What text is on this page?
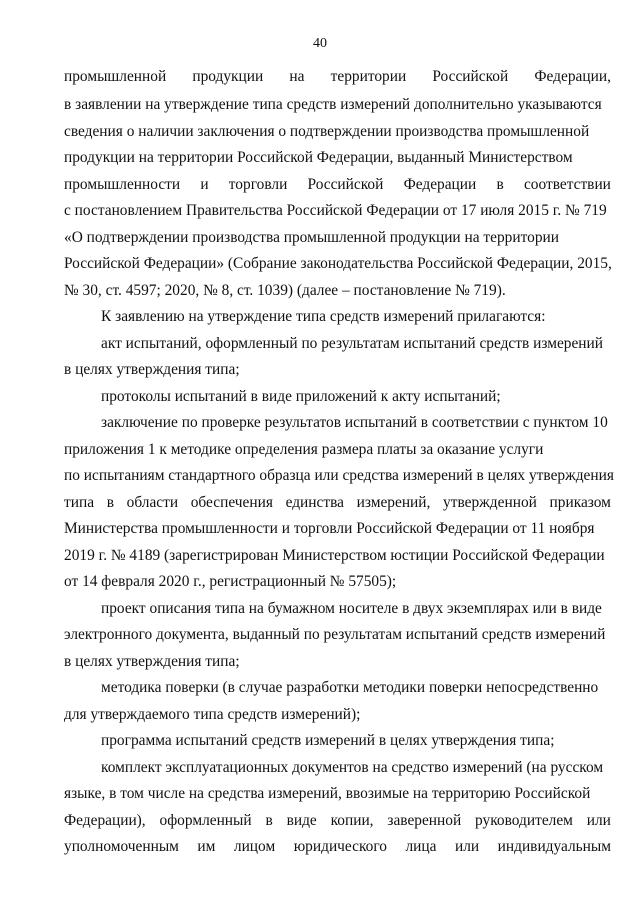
40
промышленной продукции на территории Российской Федерации,
в заявлении на утверждение типа средств измерений дополнительно указываются
сведения о наличии заключения о подтверждении производства промышленной
продукции на территории Российской Федерации, выданный Министерством
промышленности и торговли Российской Федерации в соответствии
с постановлением Правительства Российской Федерации от 17 июля 2015 г. № 719
«О подтверждении производства промышленной продукции на территории
Российской Федерации» (Собрание законодательства Российской Федерации, 2015,
№ 30, ст. 4597; 2020, № 8, ст. 1039) (далее – постановление № 719).
К заявлению на утверждение типа средств измерений прилагаются:
акт испытаний, оформленный по результатам испытаний средств измерений
в целях утверждения типа;
протоколы испытаний в виде приложений к акту испытаний;
заключение по проверке результатов испытаний в соответствии с пунктом 10
приложения 1 к методике определения размера платы за оказание услуги
по испытаниям стандартного образца или средства измерений в целях утверждения
типа в области обеспечения единства измерений, утвержденной приказом
Министерства промышленности и торговли Российской Федерации от 11 ноября
2019 г. № 4189 (зарегистрирован Министерством юстиции Российской Федерации
от 14 февраля 2020 г., регистрационный № 57505);
проект описания типа на бумажном носителе в двух экземплярах или в виде
электронного документа, выданный по результатам испытаний средств измерений
в целях утверждения типа;
методика поверки (в случае разработки методики поверки непосредственно
для утверждаемого типа средств измерений);
программа испытаний средств измерений в целях утверждения типа;
комплект эксплуатационных документов на средство измерений (на русском
языке, в том числе на средства измерений, ввозимые на территорию Российской
Федерации), оформленный в виде копии, заверенной руководителем или
уполномоченным им лицом юридического лица или индивидуальным
